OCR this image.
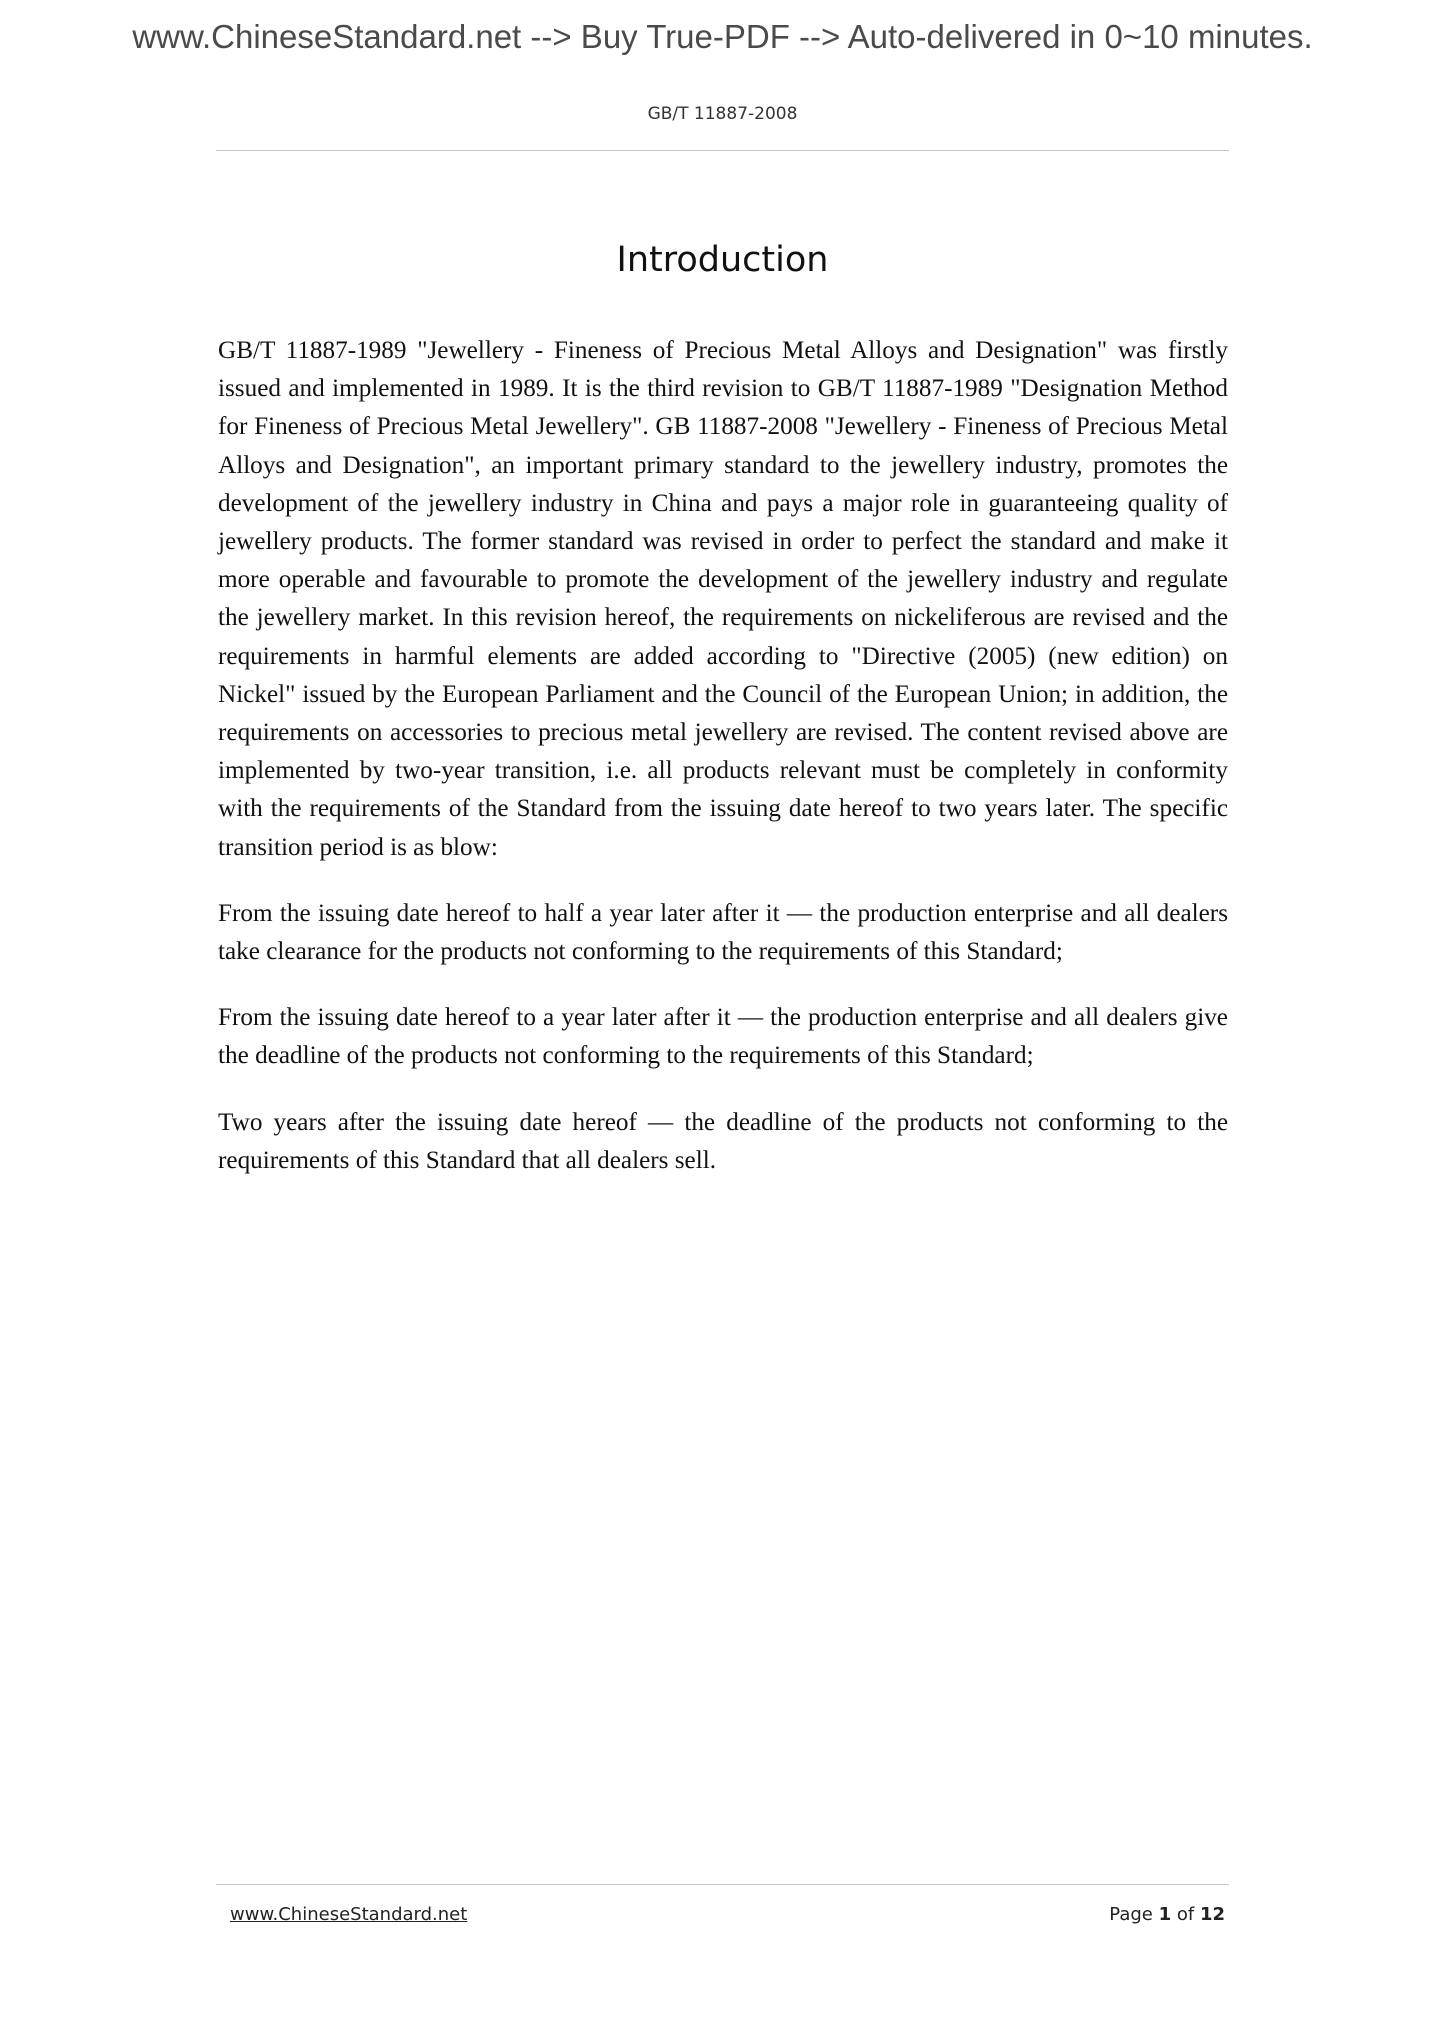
www.ChineseStandard.net --> Buy True-PDF --> Auto-delivered in 0~10 minutes.
GB/T 11887-2008
Introduction

GB/T 11887-1989 "Jewellery - Fineness of Precious Metal Alloys and Designation" was firstly issued and implemented in 1989. It is the third revision to GB/T 11887-1989 "Designation Method for Fineness of Precious Metal Jewellery". GB 11887-2008 "Jewellery - Fineness of Precious Metal Alloys and Designation", an important primary standard to the jewellery industry, promotes the development of the jewellery industry in China and pays a major role in guaranteeing quality of jewellery products. The former standard was revised in order to perfect the standard and make it more operable and favourable to promote the development of the jewellery industry and regulate the jewellery market. In this revision hereof, the requirements on nickeliferous are revised and the requirements in harmful elements are added according to "Directive (2005) (new edition) on Nickel" issued by the European Parliament and the Council of the European Union; in addition, the requirements on accessories to precious metal jewellery are revised. The content revised above are implemented by two-year transition, i.e. all products relevant must be completely in conformity with the requirements of the Standard from the issuing date hereof to two years later. The specific transition period is as blow:

From the issuing date hereof to half a year later after it — the production enterprise and all dealers take clearance for the products not conforming to the requirements of this Standard;

From the issuing date hereof to a year later after it — the production enterprise and all dealers give the deadline of the products not conforming to the requirements of this Standard;

Two years after the issuing date hereof — the deadline of the products not conforming to the requirements of this Standard that all dealers sell.

www.ChineseStandard.net	Page 1 of 12
